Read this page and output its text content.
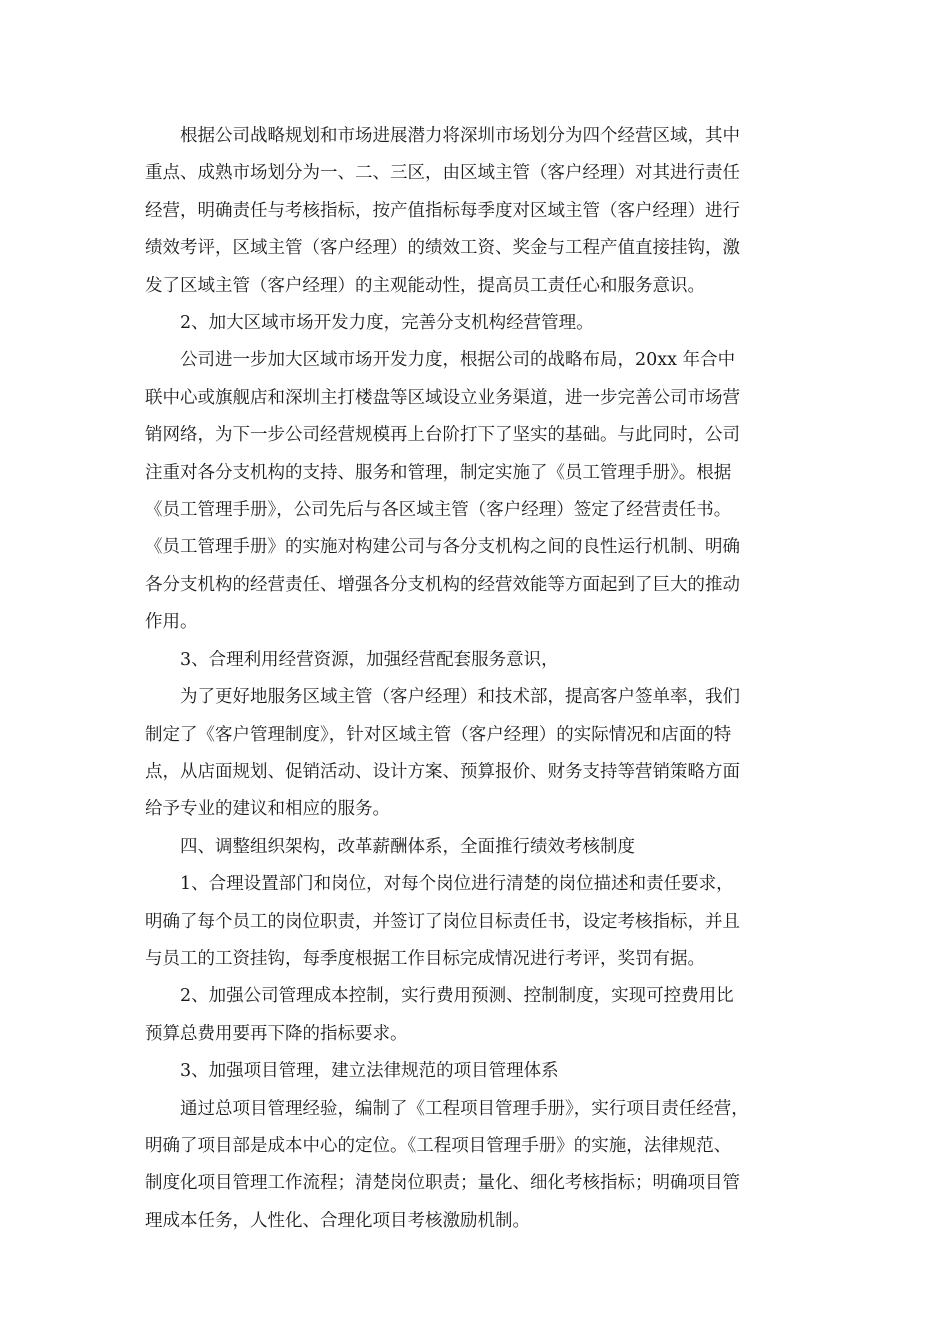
根据公司战略规划和市场进展潜力将深圳市场划分为四个经营区域，其中
重点、成熟市场划分为一、二、三区，由区域主管（客户经理）对其进行责任
经营，明确责任与考核指标，按产值指标每季度对区域主管（客户经理）进行
绩效考评，区域主管（客户经理）的绩效工资、奖金与工程产值直接挂钩，激
发了区域主管（客户经理）的主观能动性，提高员工责任心和服务意识。

2、加大区域市场开发力度，完善分支机构经营管理。

公司进一步加大区域市场开发力度，根据公司的战略布局，20xx 年合中
联中心或旗舰店和深圳主打楼盘等区域设立业务渠道，进一步完善公司市场营
销网络，为下一步公司经营规模再上台阶打下了坚实的基础。与此同时，公司
注重对各分支机构的支持、服务和管理，制定实施了《员工管理手册》。根据
《员工管理手册》，公司先后与各区域主管（客户经理）签定了经营责任书。
《员工管理手册》的实施对构建公司与各分支机构之间的良性运行机制、明确
各分支机构的经营责任、增强各分支机构的经营效能等方面起到了巨大的推动
作用。

3、合理利用经营资源，加强经营配套服务意识，

为了更好地服务区域主管（客户经理）和技术部，提高客户签单率，我们
制定了《客户管理制度》，针对区域主管（客户经理）的实际情况和店面的特
点，从店面规划、促销活动、设计方案、预算报价、财务支持等营销策略方面
给予专业的建议和相应的服务。

四、调整组织架构，改革薪酬体系，全面推行绩效考核制度

1、合理设置部门和岗位，对每个岗位进行清楚的岗位描述和责任要求，
明确了每个员工的岗位职责，并签订了岗位目标责任书，设定考核指标，并且
与员工的工资挂钩，每季度根据工作目标完成情况进行考评，奖罚有据。

2、加强公司管理成本控制，实行费用预测、控制制度，实现可控费用比
预算总费用要再下降的指标要求。

3、加强项目管理，建立法律规范的项目管理体系

通过总项目管理经验，编制了《工程项目管理手册》，实行项目责任经营，
明确了项目部是成本中心的定位。《工程项目管理手册》的实施，法律规范、
制度化项目管理工作流程；清楚岗位职责；量化、细化考核指标；明确项目管
理成本任务，人性化、合理化项目考核激励机制。
